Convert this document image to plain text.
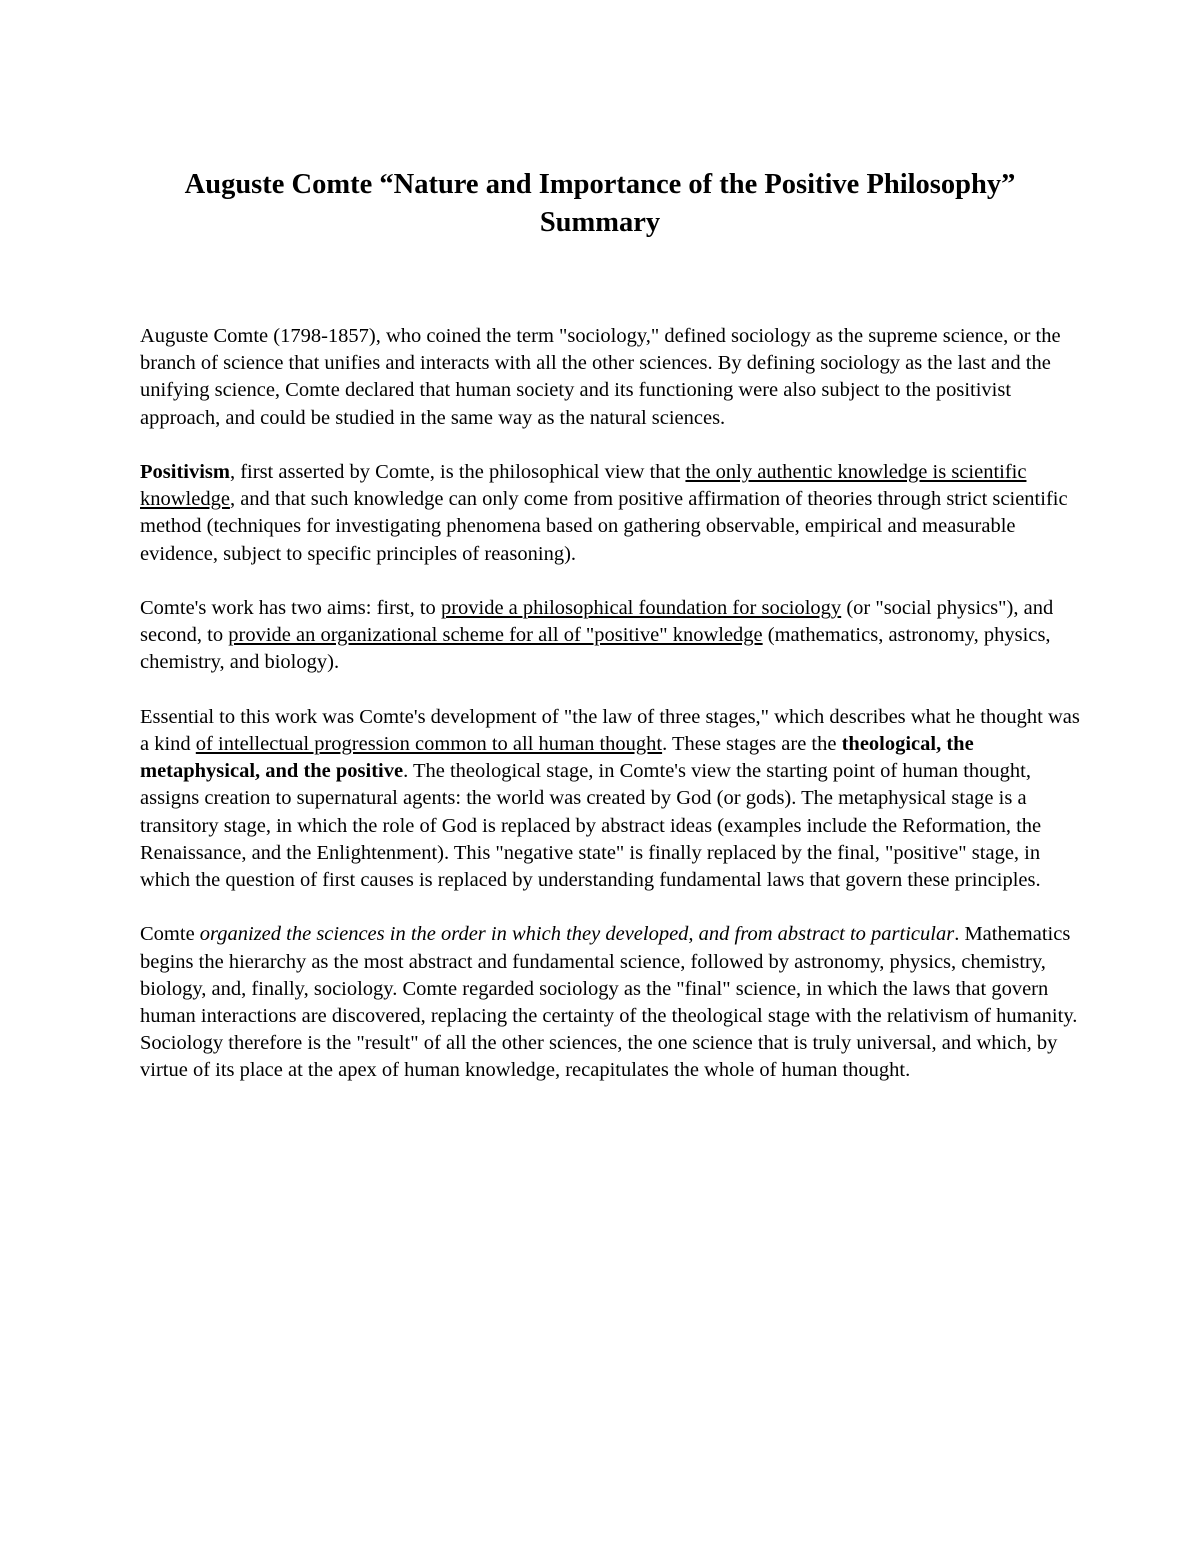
Auguste Comte “Nature and Importance of the Positive Philosophy”
Summary

Auguste Comte (1798-1857), who coined the term "sociology," defined sociology as the supreme science, or the branch of science that unifies and interacts with all the other sciences. By defining sociology as the last and the unifying science, Comte declared that human society and its functioning were also subject to the positivist approach, and could be studied in the same way as the natural sciences.

Positivism, first asserted by Comte, is the philosophical view that the only authentic knowledge is scientific knowledge, and that such knowledge can only come from positive affirmation of theories through strict scientific method (techniques for investigating phenomena based on gathering observable, empirical and measurable evidence, subject to specific principles of reasoning).

Comte's work has two aims: first, to provide a philosophical foundation for sociology (or "social physics"), and second, to provide an organizational scheme for all of "positive" knowledge (mathematics, astronomy, physics, chemistry, and biology).

Essential to this work was Comte's development of "the law of three stages," which describes what he thought was a kind of intellectual progression common to all human thought. These stages are the theological, the metaphysical, and the positive. The theological stage, in Comte's view the starting point of human thought, assigns creation to supernatural agents: the world was created by God (or gods). The metaphysical stage is a transitory stage, in which the role of God is replaced by abstract ideas (examples include the Reformation, the Renaissance, and the Enlightenment). This "negative state" is finally replaced by the final, "positive" stage, in which the question of first causes is replaced by understanding fundamental laws that govern these principles.

Comte organized the sciences in the order in which they developed, and from abstract to particular. Mathematics begins the hierarchy as the most abstract and fundamental science, followed by astronomy, physics, chemistry, biology, and, finally, sociology. Comte regarded sociology as the "final" science, in which the laws that govern human interactions are discovered, replacing the certainty of the theological stage with the relativism of humanity. Sociology therefore is the "result" of all the other sciences, the one science that is truly universal, and which, by virtue of its place at the apex of human knowledge, recapitulates the whole of human thought.
